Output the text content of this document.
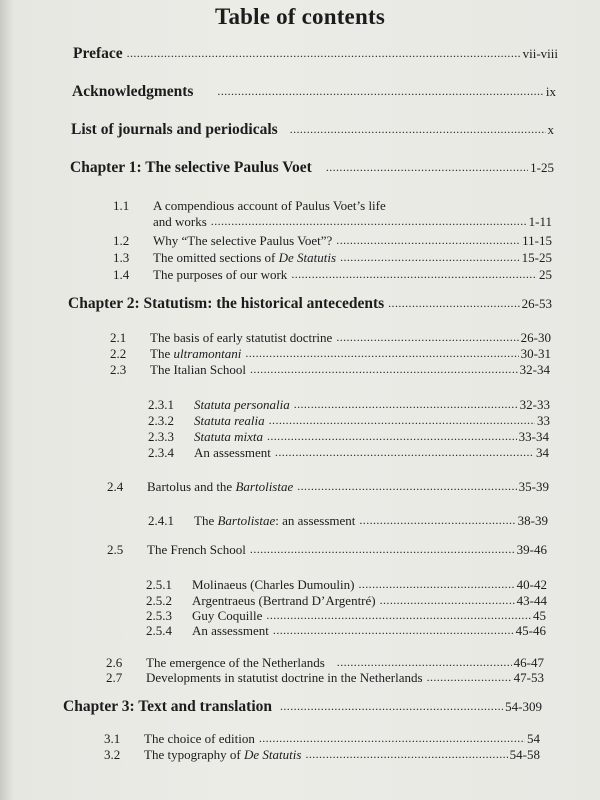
Table of contents
Preface .....	vii-viii
Acknowledgments .....	ix
List of journals and periodicals .....	x
Chapter 1: The selective Paulus Voet .....	1-25
1.1	A compendious account of Paulus Voet’s life
and works .....	1-11
1.2	Why “The selective Paulus Voet”? .....	11-15
1.3	The omitted sections of De Statutis .....	15-25
1.4	The purposes of our work .....	25
Chapter 2: Statutism: the historical antecedents .....	26-53
2.1	The basis of early statutist doctrine .....	26-30
2.2	The ultramontani .....	30-31
2.3	The Italian School .....	32-34
2.3.1	Statuta personalia .....	32-33
2.3.2	Statuta realia .....	33
2.3.3	Statuta mixta .....	33-34
2.3.4	An assessment .....	34
2.4	Bartolus and the Bartolistae .....	35-39
2.4.1	The Bartolistae: an assessment .....	38-39
2.5	The French School .....	39-46
2.5.1	Molinaeus (Charles Dumoulin) .....	40-42
2.5.2	Argentraeus (Bertrand D’Argentré) .....	43-44
2.5.3	Guy Coquille .....	45
2.5.4	An assessment .....	45-46
2.6	The emergence of the Netherlands .....	46-47
2.7	Developments in statutist doctrine in the Netherlands .....	47-53
Chapter 3: Text and translation .....	54-309
3.1	The choice of edition .....	54
3.2	The typography of De Statutis .....	54-58
